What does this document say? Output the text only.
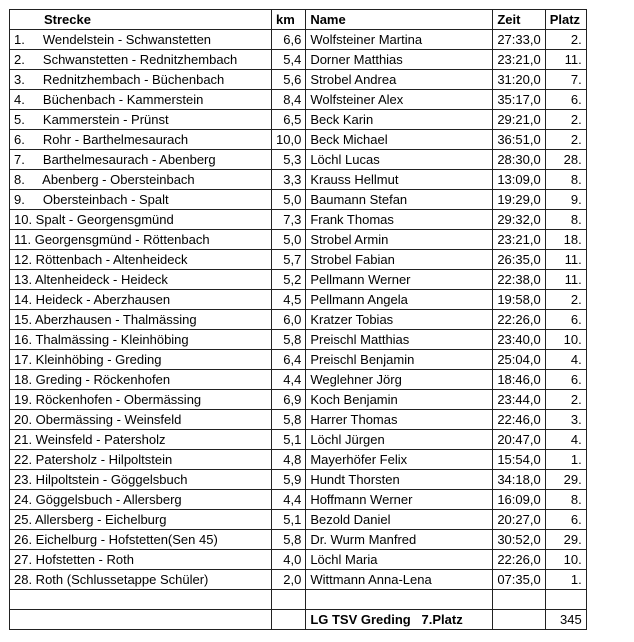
Strecke	km	Name	Zeit	Platz
1.     Wendelstein - Schwanstetten	6,6	Wolfsteiner Martina	27:33,0	2.
2.     Schwanstetten - Rednitzhembach	5,4	Dorner Matthias	23:21,0	11.
3.     Rednitzhembach - Büchenbach	5,6	Strobel Andrea	31:20,0	7.
4.     Büchenbach - Kammerstein	8,4	Wolfsteiner Alex	35:17,0	6.
5.     Kammerstein - Prünst	6,5	Beck Karin	29:21,0	2.
6.     Rohr - Barthelmesaurach	10,0	Beck Michael	36:51,0	2.
7.     Barthelmesaurach - Abenberg	5,3	Löchl Lucas	28:30,0	28.
8.     Abenberg - Obersteinbach	3,3	Krauss Hellmut	13:09,0	8.
9.     Obersteinbach - Spalt	5,0	Baumann Stefan	19:29,0	9.
10. Spalt - Georgensgmünd	7,3	Frank Thomas	29:32,0	8.
11. Georgensgmünd - Röttenbach	5,0	Strobel Armin	23:21,0	18.
12. Röttenbach - Altenheideck	5,7	Strobel Fabian	26:35,0	11.
13. Altenheideck - Heideck	5,2	Pellmann Werner	22:38,0	11.
14. Heideck - Aberzhausen	4,5	Pellmann Angela	19:58,0	2.
15. Aberzhausen - Thalmässing	6,0	Kratzer Tobias	22:26,0	6.
16. Thalmässing - Kleinhöbing	5,8	Preischl Matthias	23:40,0	10.
17. Kleinhöbing - Greding	6,4	Preischl Benjamin	25:04,0	4.
18. Greding - Röckenhofen	4,4	Weglehner Jörg	18:46,0	6.
19. Röckenhofen - Obermässing	6,9	Koch Benjamin	23:44,0	2.
20. Obermässing - Weinsfeld	5,8	Harrer Thomas	22:46,0	3.
21. Weinsfeld - Patersholz	5,1	Löchl Jürgen	20:47,0	4.
22. Patersholz - Hilpoltstein	4,8	Mayerhöfer Felix	15:54,0	1.
23. Hilpoltstein - Göggelsbuch	5,9	Hundt Thorsten	34:18,0	29.
24. Göggelsbuch - Allersberg	4,4	Hoffmann Werner	16:09,0	8.
25. Allersberg - Eichelburg	5,1	Bezold Daniel	20:27,0	6.
26. Eichelburg - Hofstetten(Sen 45)	5,8	Dr. Wurm Manfred	30:52,0	29.
27. Hofstetten - Roth	4,0	Löchl Maria	22:26,0	10.
28. Roth (Schlussetappe Schüler)	2,0	Wittmann Anna-Lena	07:35,0	1.

		LG TSV Greding   7.Platz		345
